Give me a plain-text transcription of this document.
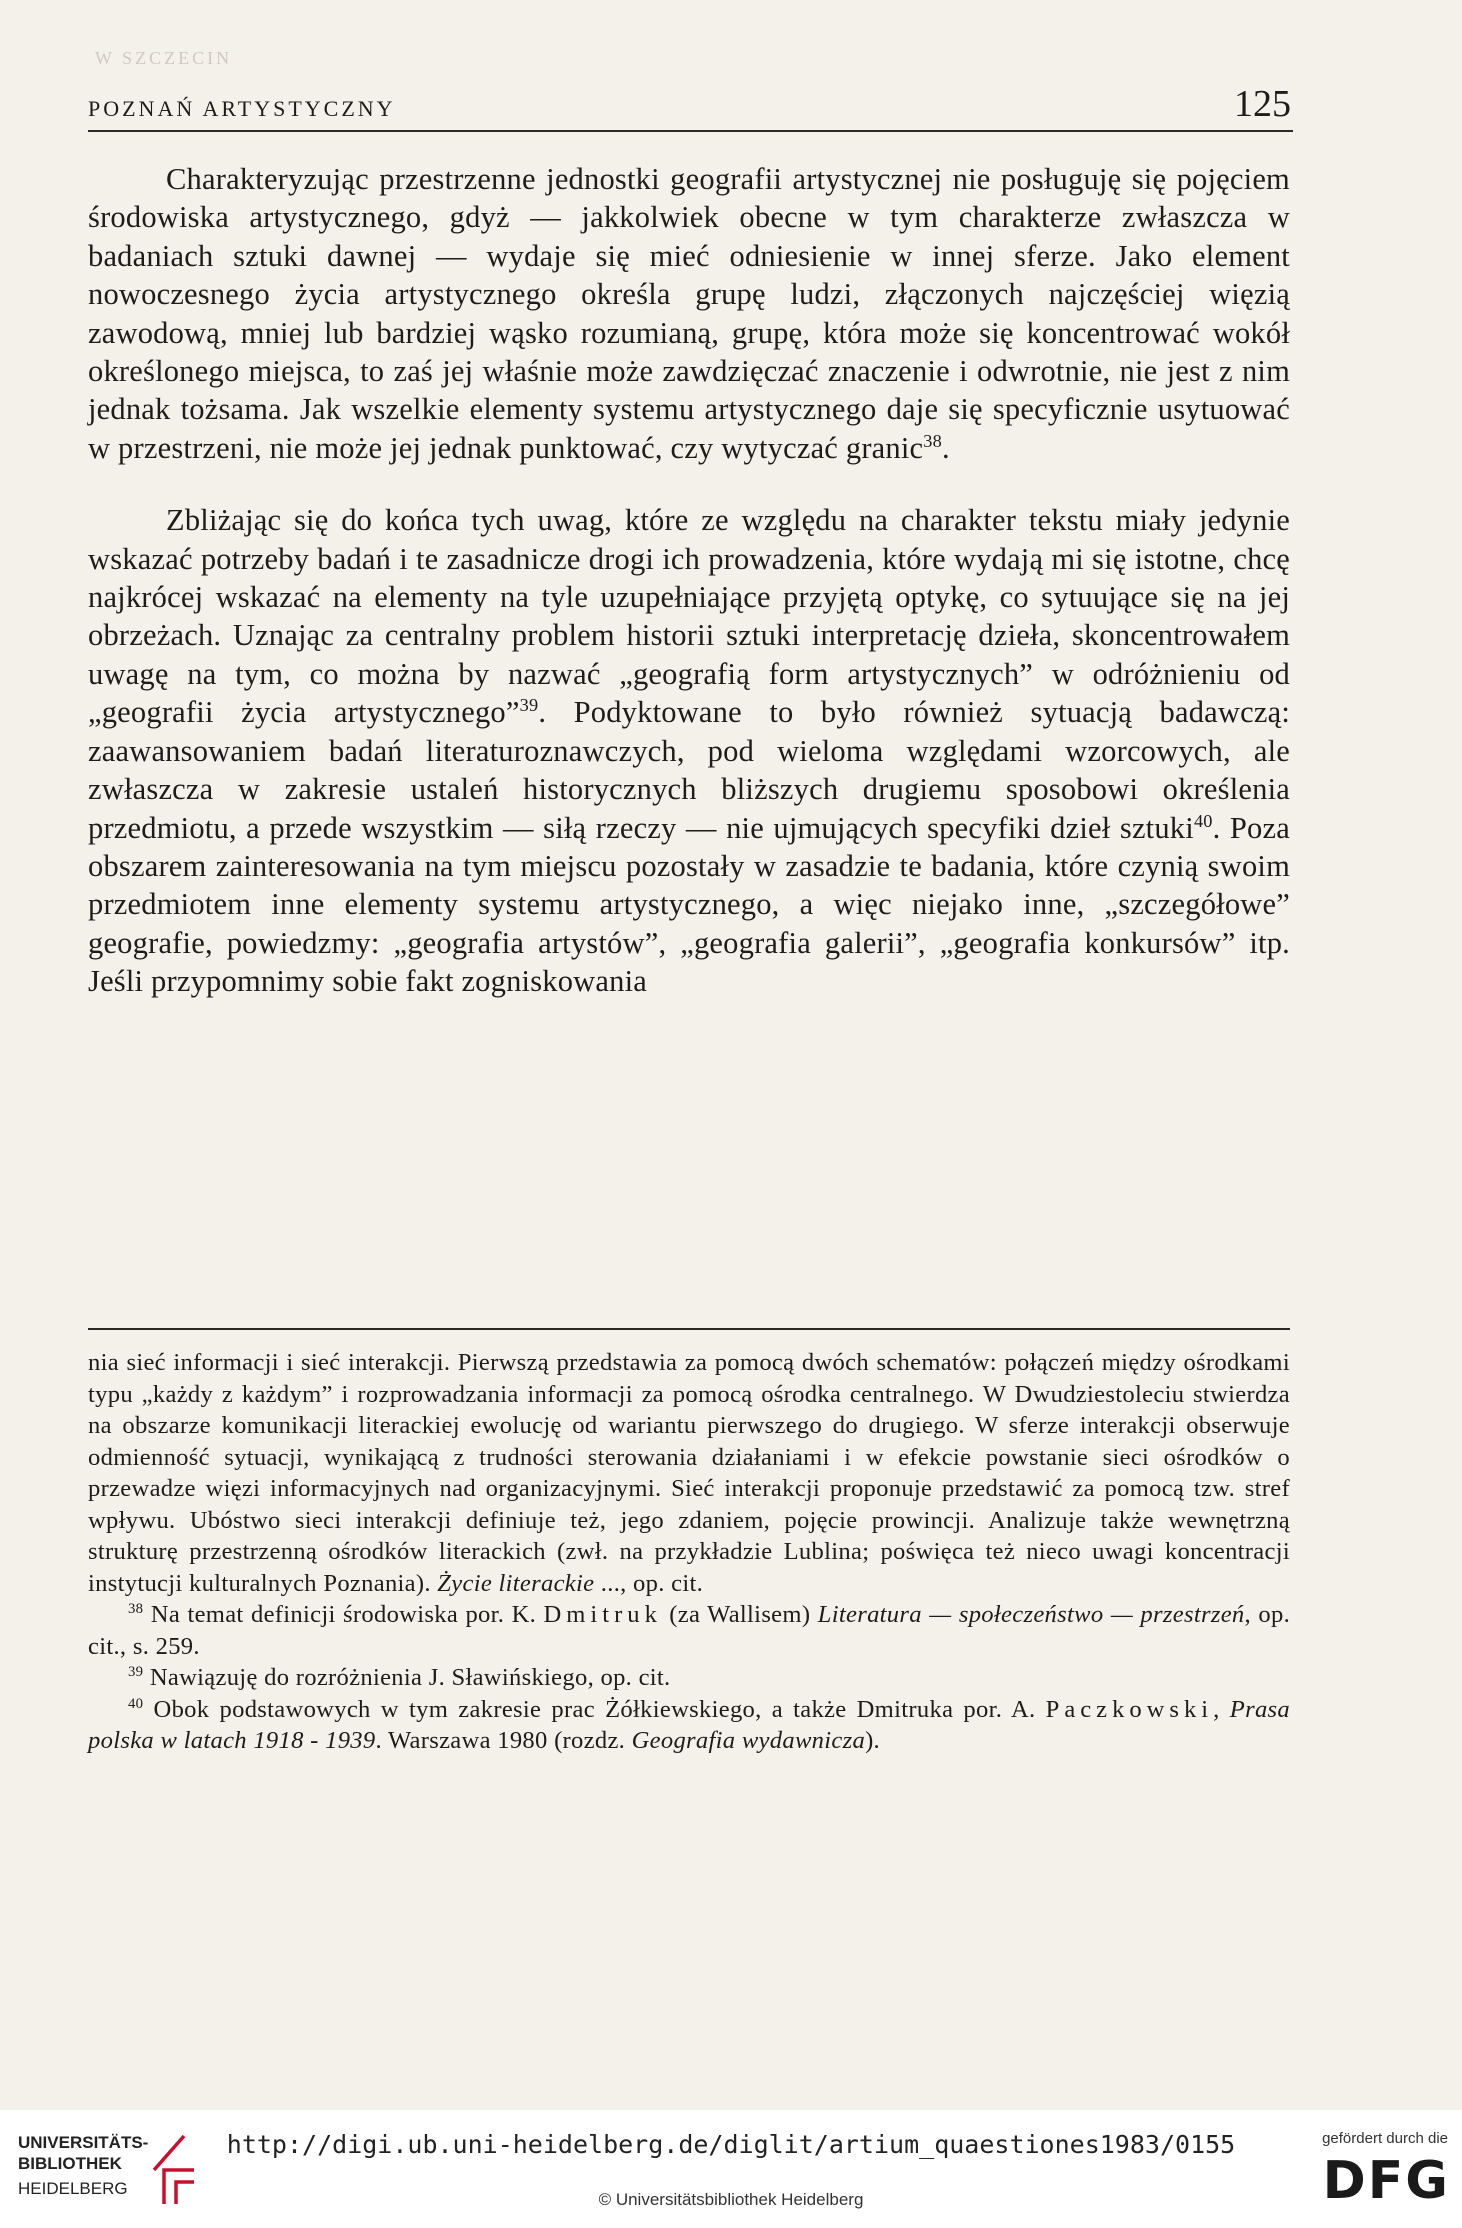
W SZCZECIN
POZNAŃ ARTYSTYCZNY	125

Charakteryzując przestrzenne jednostki geografii artystycznej nie posługuję się pojęciem środowiska artystycznego, gdyż — jakkolwiek obecne w tym charakterze zwłaszcza w badaniach sztuki dawnej — wydaje się mieć odniesienie w innej sferze. Jako element nowoczesnego życia artystycznego określa grupę ludzi, złączonych najczęściej więzią zawodową, mniej lub bardziej wąsko rozumianą, grupę, która może się koncentrować wokół określonego miejsca, to zaś jej właśnie może zawdzięczać znaczenie i odwrotnie, nie jest z nim jednak tożsama. Jak wszelkie elementy systemu artystycznego daje się specyficznie usytuować w przestrzeni, nie może jej jednak punktować, czy wytyczać granic$^{38}$.

Zbliżając się do końca tych uwag, które ze względu na charakter tekstu miały jedynie wskazać potrzeby badań i te zasadnicze drogi ich prowadzenia, które wydają mi się istotne, chcę najkrócej wskazać na elementy na tyle uzupełniające przyjętą optykę, co sytuujące się na jej obrzeżach. Uznając za centralny problem historii sztuki interpretację dzieła, skoncentrowałem uwagę na tym, co można by nazwać „geografią form artystycznych” w odróżnieniu od „geografii życia artystycznego”$^{39}$. Podyktowane to było również sytuacją badawczą: zaawansowaniem badań literaturoznawczych, pod wieloma względami wzorcowych, ale zwłaszcza w zakresie ustaleń historycznych bliższych drugiemu sposobowi określenia przedmiotu, a przede wszystkim — siłą rzeczy — nie ujmujących specyfiki dzieł sztuki$^{40}$. Poza obszarem zainteresowania na tym miejscu pozostały w zasadzie te badania, które czynią swoim przedmiotem inne elementy systemu artystycznego, a więc niejako inne, „szczegółowe” geografie, powiedzmy: „geografia artystów”, „geografia galerii”, „geografia konkursów” itp. Jeśli przypomnimy sobie fakt zogniskowania

nia sieć informacji i sieć interakcji. Pierwszą przedstawia za pomocą dwóch schematów: połączeń między ośrodkami typu „każdy z każdym” i rozprowadzania informacji za pomocą ośrodka centralnego. W Dwudziestoleciu stwierdza na obszarze komunikacji literackiej ewolucję od wariantu pierwszego do drugiego. W sferze interakcji obserwuje odmienność sytuacji, wynikającą z trudności sterowania działaniami i w efekcie powstanie sieci ośrodków o przewadze więzi informacyjnych nad organizacyjnymi. Sieć interakcji proponuje przedstawić za pomocą tzw. stref wpływu. Ubóstwo sieci interakcji definiuje też, jego zdaniem, pojęcie prowincji. Analizuje także wewnętrzną strukturę przestrzenną ośrodków literackich (zwł. na przykładzie Lublina; poświęca też nieco uwagi koncentracji instytucji kulturalnych Poznania). Życie literackie ..., op. cit.

$^{38}$ Na temat definicji środowiska por. K. Dmitruk (za Wallisem) Literatura — społeczeństwo — przestrzeń, op. cit., s. 259.

$^{39}$ Nawiązuję do rozróżnienia J. Sławińskiego, op. cit.

$^{40}$ Obok podstawowych w tym zakresie prac Żółkiewskiego, a także Dmitruka por. A. Paczkowski, Prasa polska w latach 1918 - 1939. Warszawa 1980 (rozdz. Geografia wydawnicza).

UNIVERSITÄTS-
BIBLIOTHEK
HEIDELBERG
http://digi.ub.uni-heidelberg.de/diglit/artium_quaestiones1983/0155
© Universitätsbibliothek Heidelberg
gefördert durch die
DFG
